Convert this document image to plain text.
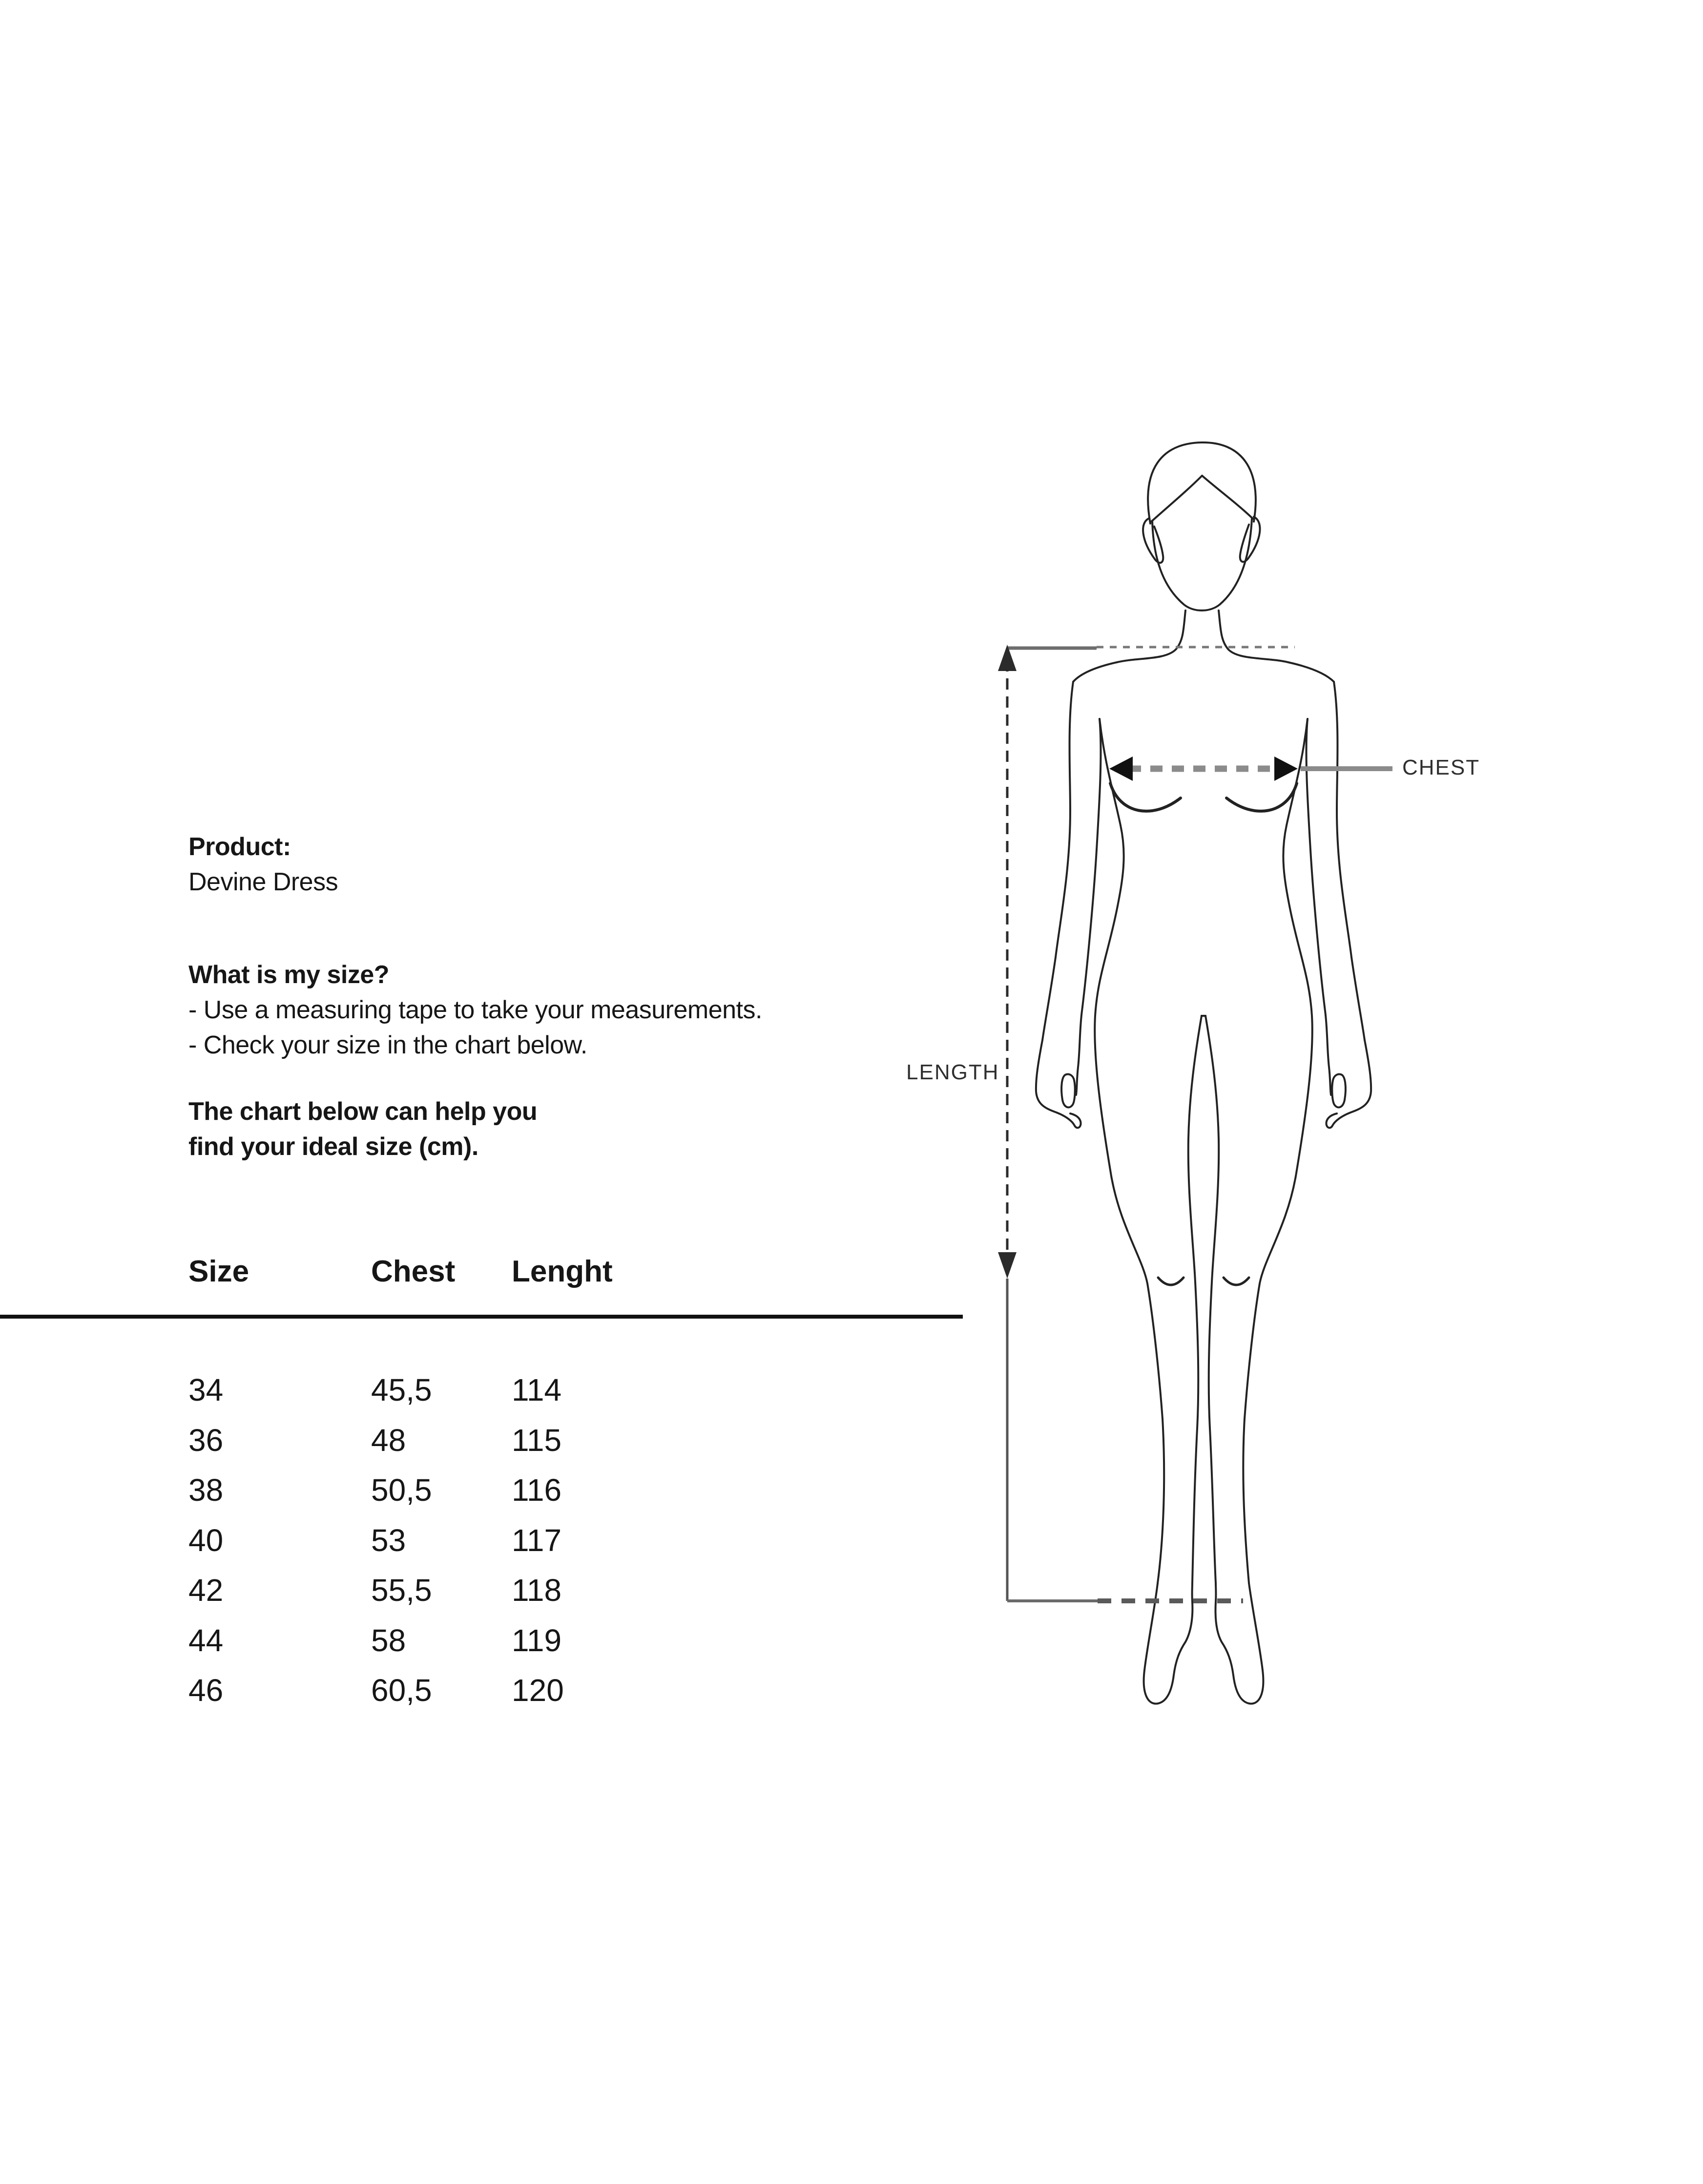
Product:
Devine Dress
What is my size?
- Use a measuring tape to take your measurements.
- Check your size in the chart below.
The chart below can help you
find your ideal size (cm).
Size	Chest	Lenght
34	45,5	114
36	48	115
38	50,5	116
40	53	117
42	55,5	118
44	58	119
46	60,5	120
LENGTH
CHEST
